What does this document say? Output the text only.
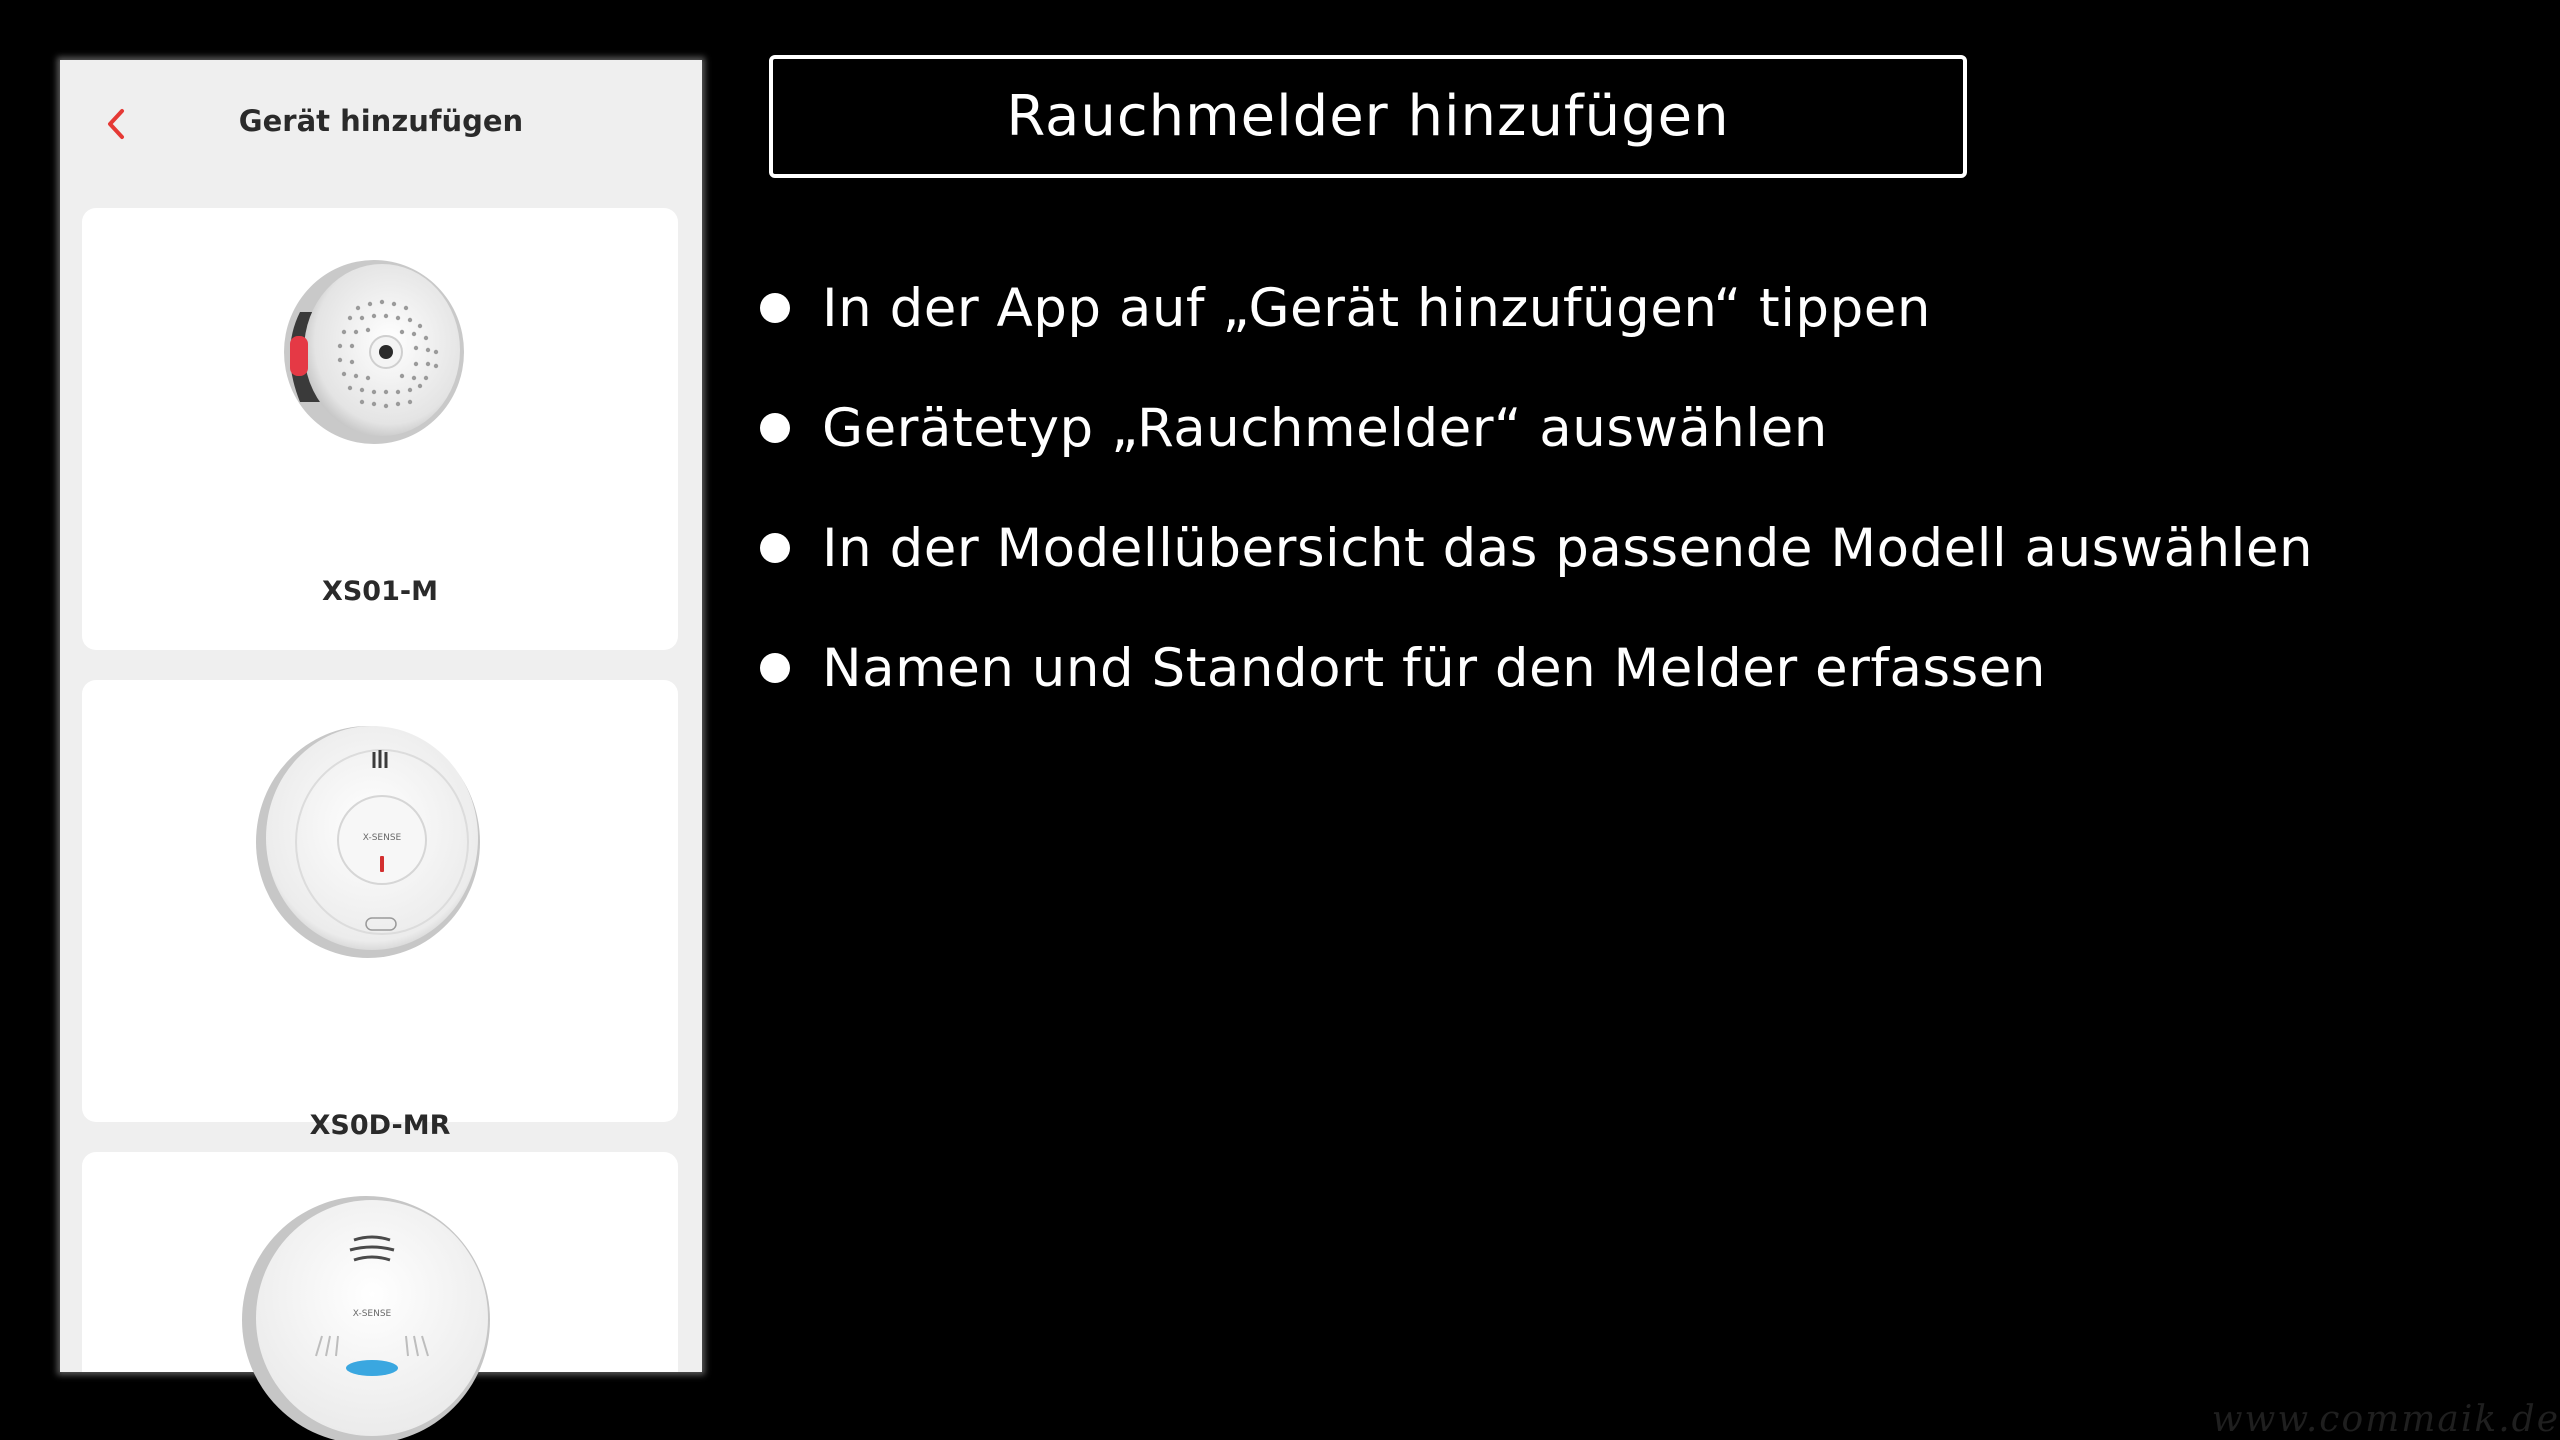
Gerät hinzufügen
XS01-M
X-SENSE
XS0D-MR
X-SENSE
Rauchmelder hinzufügen
In der App auf „Gerät hinzufügen“ tippen
Gerätetyp „Rauchmelder“ auswählen
In der Modellübersicht das passende Modell auswählen
Namen und Standort für den Melder erfassen
www.commaik.de
